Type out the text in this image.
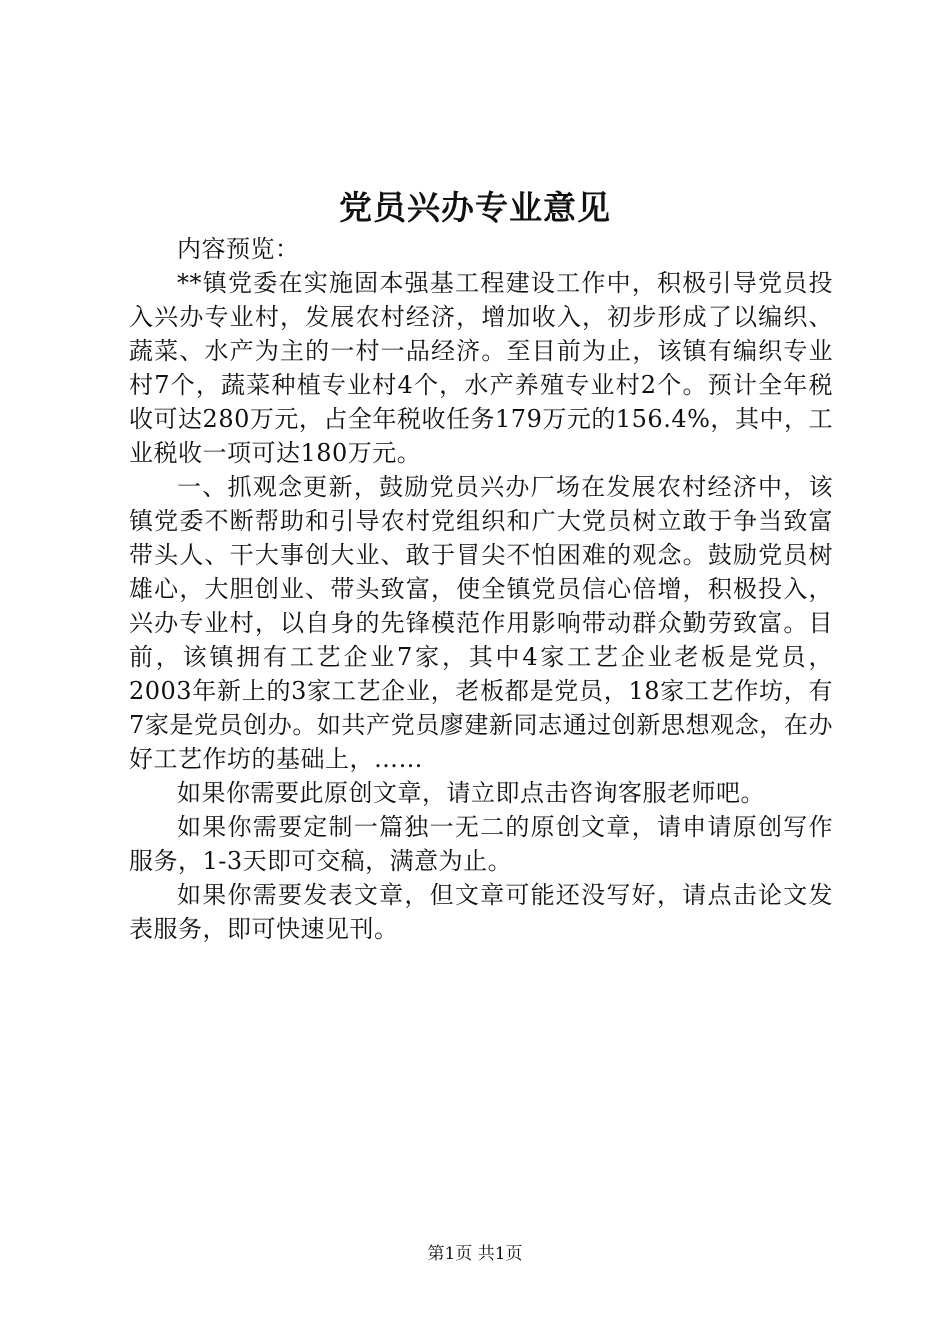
党员兴办专业意见

内容预览：

**镇党委在实施固本强基工程建设工作中，积极引导党员投入兴办专业村，发展农村经济，增加收入，初步形成了以编织、蔬菜、水产为主的一村一品经济。至目前为止，该镇有编织专业村7个，蔬菜种植专业村4个，水产养殖专业村2个。预计全年税收可达280万元，占全年税收任务179万元的156.4%，其中，工业税收一项可达180万元。

一、抓观念更新，鼓励党员兴办厂场在发展农村经济中，该镇党委不断帮助和引导农村党组织和广大党员树立敢于争当致富带头人、干大事创大业、敢于冒尖不怕困难的观念。鼓励党员树雄心，大胆创业、带头致富，使全镇党员信心倍增，积极投入，兴办专业村，以自身的先锋模范作用影响带动群众勤劳致富。目前，该镇拥有工艺企业7家，其中4家工艺企业老板是党员，2003年新上的3家工艺企业，老板都是党员，18家工艺作坊，有7家是党员创办。如共产党员廖建新同志通过创新思想观念，在办好工艺作坊的基础上，……

如果你需要此原创文章，请立即点击咨询客服老师吧。

如果你需要定制一篇独一无二的原创文章，请申请原创写作服务，1-3天即可交稿，满意为止。

如果你需要发表文章，但文章可能还没写好，请点击论文发表服务，即可快速见刊。

第1页 共1页
